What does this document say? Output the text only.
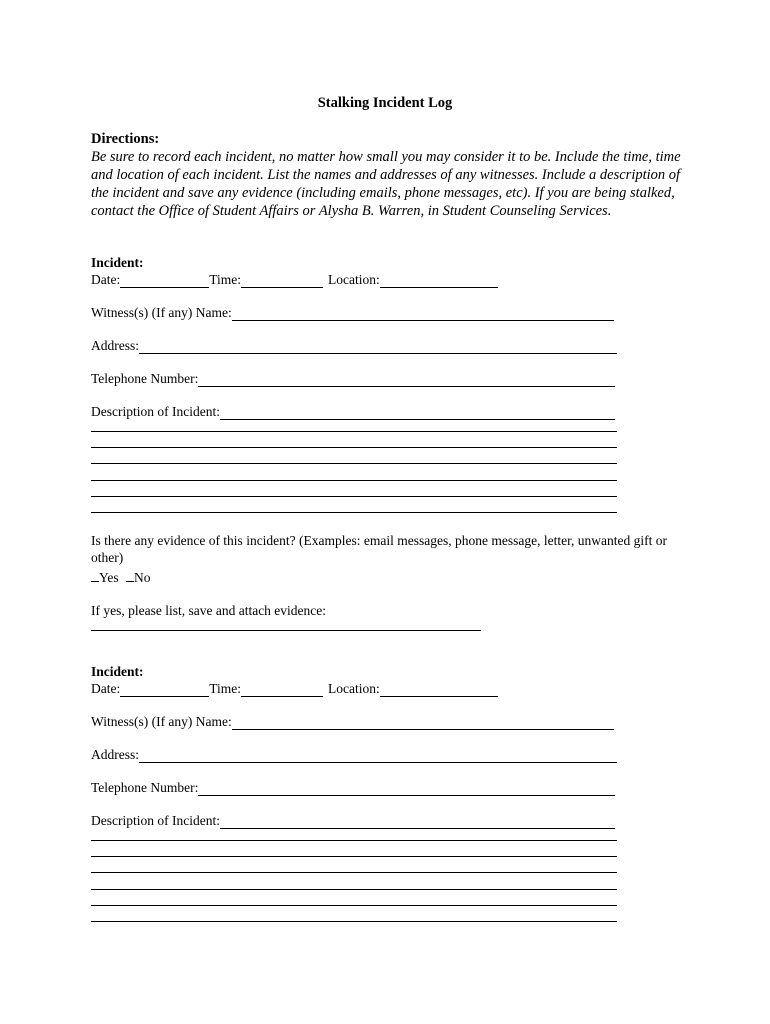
Stalking Incident Log
Directions:
Be sure to record each incident, no matter how small you may consider it to be. Include the time, time and location of each incident. List the names and addresses of any witnesses. Include a description of the incident and save any evidence (including emails, phone messages, etc). If you are being stalked, contact the Office of Student Affairs or Alysha B. Warren, in Student Counseling Services.
Incident:
Date:	Time:	Location:
Witness(s) (If any) Name:
Address:
Telephone Number:
Description of Incident:
Is there any evidence of this incident? (Examples: email messages, phone message, letter, unwanted gift or other)
Yes No
If yes, please list, save and attach evidence:
Incident:
Date:	Time:	Location:
Witness(s) (If any) Name:
Address:
Telephone Number:
Description of Incident:
